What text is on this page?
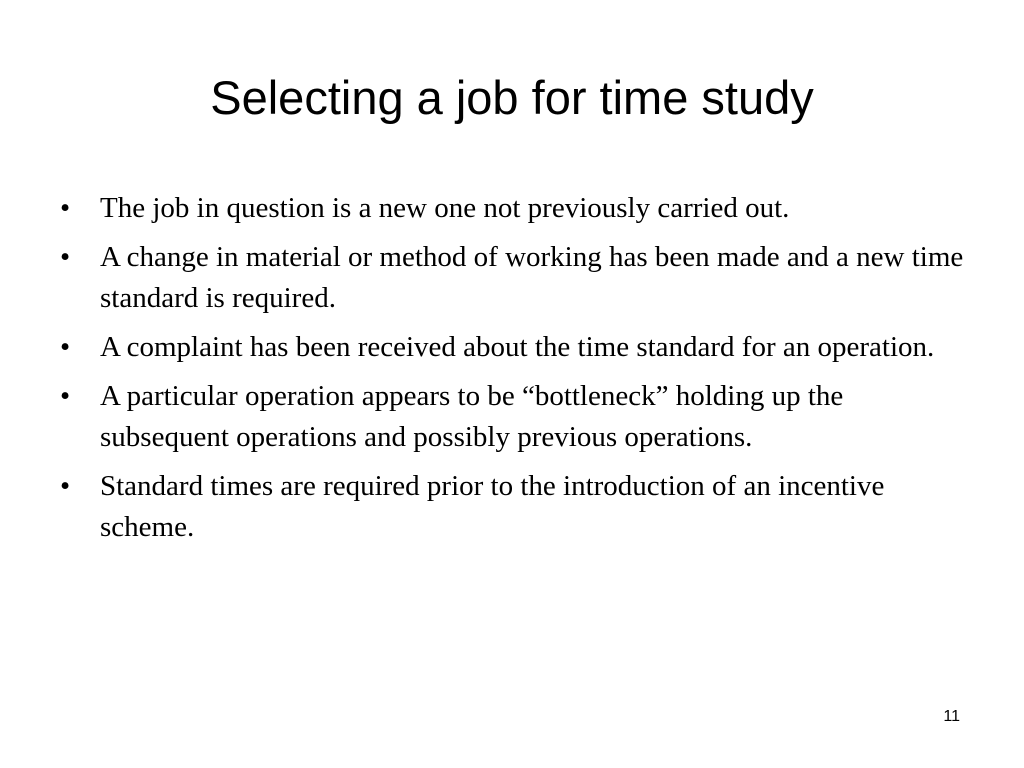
Selecting a job for time study
• The job in question is a new one not previously carried out.
• A change in material or method of working has been made and a new time standard is required.
• A complaint has been received about the time standard for an operation.
• A particular operation appears to be “bottleneck” holding up the subsequent operations and possibly previous operations.
• Standard times are required prior to the introduction of an incentive scheme.
11
